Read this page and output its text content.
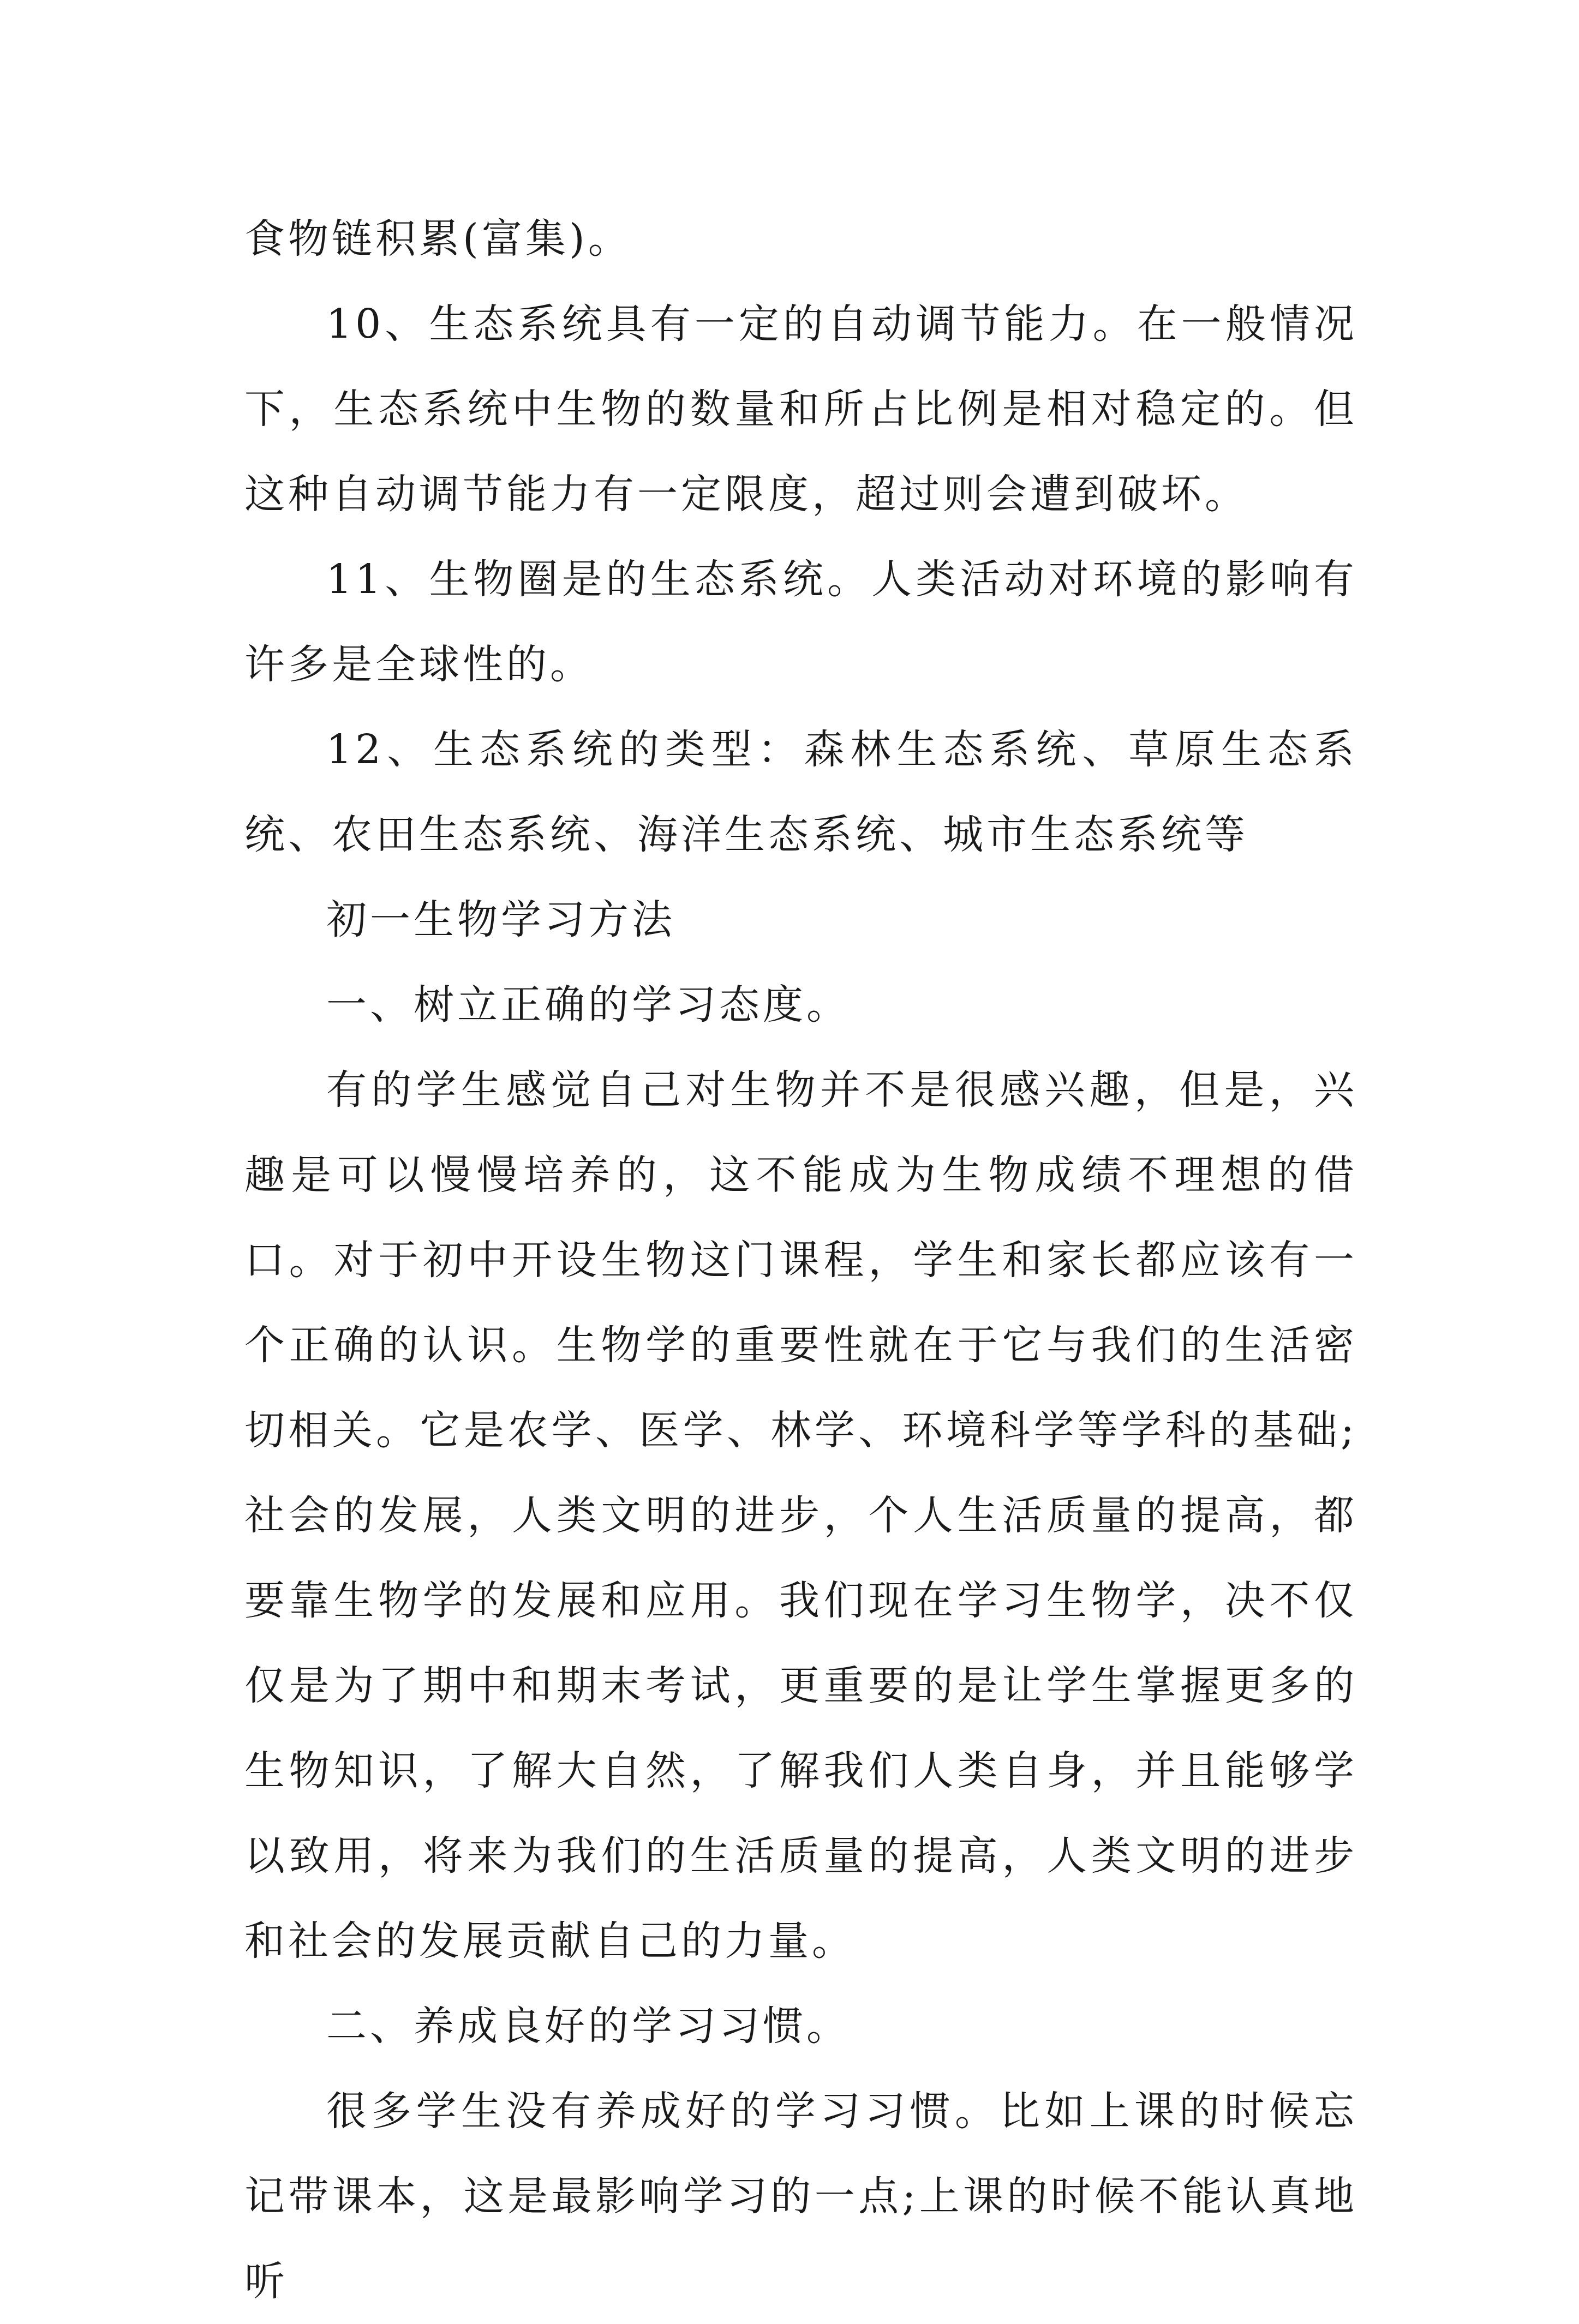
食物链积累(富集)。

10、生态系统具有一定的自动调节能力。在一般情况下，生态系统中生物的数量和所占比例是相对稳定的。但这种自动调节能力有一定限度，超过则会遭到破坏。

11、生物圈是的生态系统。人类活动对环境的影响有许多是全球性的。

12、生态系统的类型：森林生态系统、草原生态系统、农田生态系统、海洋生态系统、城市生态系统等

初一生物学习方法

一、树立正确的学习态度。

有的学生感觉自己对生物并不是很感兴趣，但是，兴趣是可以慢慢培养的，这不能成为生物成绩不理想的借口。对于初中开设生物这门课程，学生和家长都应该有一个正确的认识。生物学的重要性就在于它与我们的生活密切相关。它是农学、医学、林学、环境科学等学科的基础;社会的发展，人类文明的进步，个人生活质量的提高，都要靠生物学的发展和应用。我们现在学习生物学，决不仅仅是为了期中和期末考试，更重要的是让学生掌握更多的生物知识，了解大自然，了解我们人类自身，并且能够学以致用，将来为我们的生活质量的提高，人类文明的进步和社会的发展贡献自己的力量。

二、养成良好的学习习惯。

很多学生没有养成好的学习习惯。比如上课的时候忘记带课本，这是最影响学习的一点;上课的时候不能认真地听
